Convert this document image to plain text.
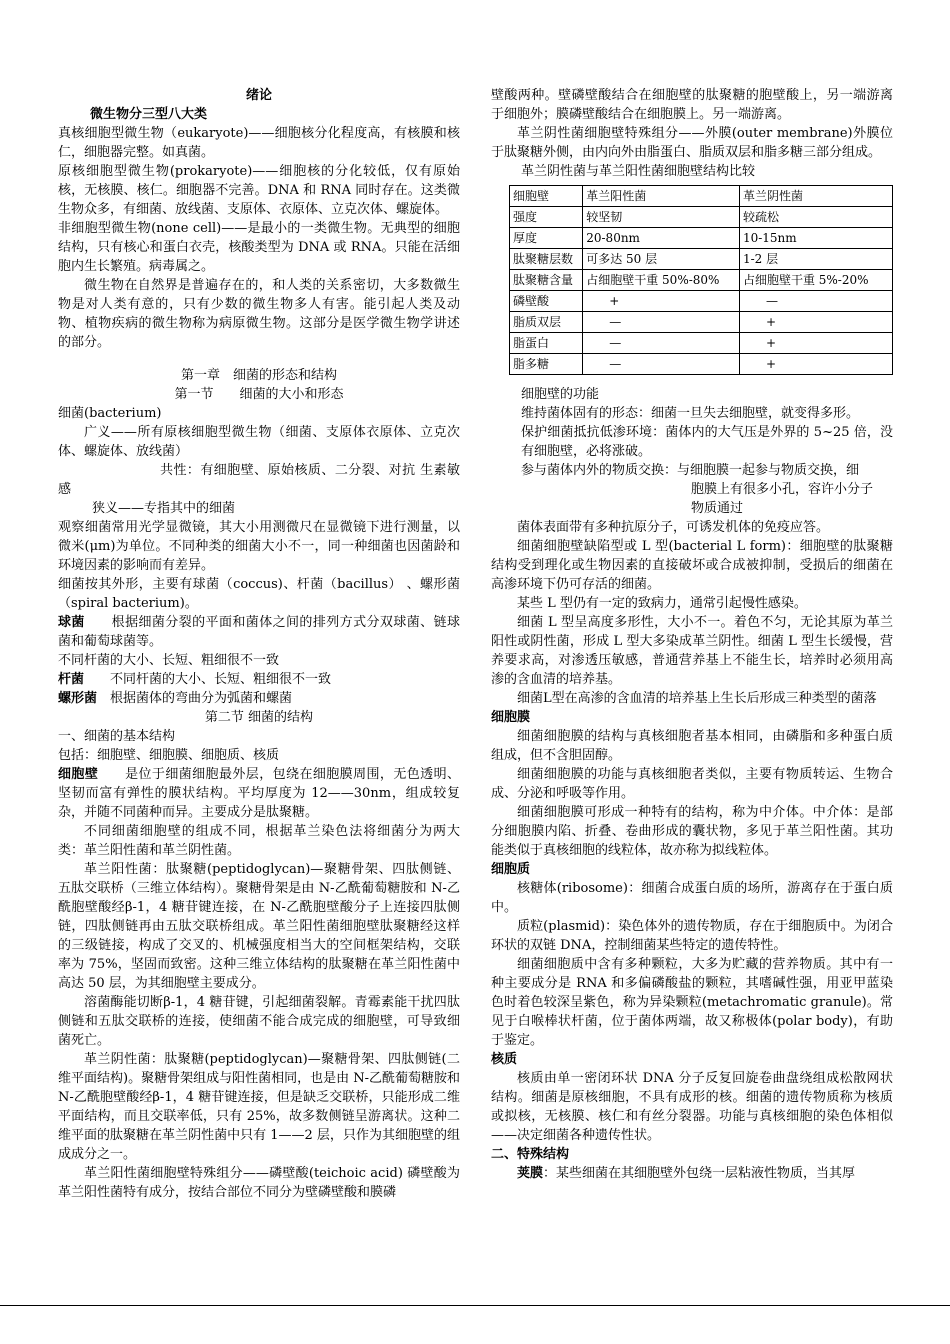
绪论

微生物分三型八大类

真核细胞型微生物（eukaryote)——细胞核分化程度高，有核膜和核仁，细胞器完整。如真菌。

原核细胞型微生物(prokaryote)——细胞核的分化较低，仅有原始核，无核膜、核仁。细胞器不完善。DNA 和 RNA 同时存在。这类微生物众多，有细菌、放线菌、支原体、衣原体、立克次体、螺旋体。

非细胞型微生物(none cell)——是最小的一类微生物。无典型的细胞结构，只有核心和蛋白衣壳，核酸类型为 DNA 或 RNA。只能在活细胞内生长繁殖。病毒属之。

微生物在自然界是普遍存在的，和人类的关系密切，大多数微生物是对人类有意的，只有少数的微生物多人有害。能引起人类及动物、植物疾病的微生物称为病原微生物。这部分是医学微生物学讲述的部分。

第一章　细菌的形态和结构

第一节　　细菌的大小和形态

细菌(bacterium)

广义——所有原核细胞型微生物（细菌、支原体衣原体、立克次体、螺旋体、放线菌）

共性：有细胞壁、原始核质、二分裂、对抗 生素敏感

狭义——专指其中的细菌

观察细菌常用光学显微镜，其大小用测微尺在显微镜下进行测量，以微米(μm)为单位。不同种类的细菌大小不一，同一种细菌也因菌龄和环境因素的影响而有差异。

细菌按其外形，主要有球菌（coccus)、杆菌（bacillus） 、螺形菌（spiral bacterium)。

球菌　　根据细菌分裂的平面和菌体之间的排列方式分双球菌、链球菌和葡萄球菌等。

不同杆菌的大小、长短、粗细很不一致

杆菌　　不同杆菌的大小、长短、粗细很不一致

螺形菌　根据菌体的弯曲分为弧菌和螺菌

第二节 细菌的结构

一、细菌的基本结构

包括：细胞壁、细胞膜、细胞质、核质

细胞壁　　是位于细菌细胞最外层，包绕在细胞膜周围，无色透明、坚韧而富有弹性的膜状结构。平均厚度为 12——30nm，组成较复杂，并随不同菌种而异。主要成分是肽聚糖。

不同细菌细胞壁的组成不同，根据革兰染色法将细菌分为两大类：革兰阳性菌和革兰阴性菌。

革兰阳性菌：肽聚糖(peptidoglycan)—聚糖骨架、四肽侧链、五肽交联桥（三维立体结构）。聚糖骨架是由 N-乙酰葡萄糖胺和 N-乙酰胞壁酸经β-1，4 糖苷键连接，在 N-乙酰胞壁酸分子上连接四肽侧链，四肽侧链再由五肽交联桥组成。革兰阳性菌细胞壁肽聚糖经这样的三级链接，构成了交叉的、机械强度相当大的空间框架结构，交联率为 75%，坚固而致密。这种三维立体结构的肽聚糖在革兰阳性菌中高达 50 层，为其细胞壁主要成分。

溶菌酶能切断β-1，4 糖苷键，引起细菌裂解。青霉素能干扰四肽侧链和五肽交联桥的连接，使细菌不能合成完成的细胞壁，可导致细菌死亡。

革兰阴性菌：肽聚糖(peptidoglycan)—聚糖骨架、四肽侧链(二维平面结构)。聚糖骨架组成与阳性菌相同，也是由 N-乙酰葡萄糖胺和 N-乙酰胞壁酸经β-1，4 糖苷键连接，但是缺乏交联桥，只能形成二维平面结构，而且交联率低，只有 25%，故多数侧链呈游离状。这种二维平面的肽聚糖在革兰阴性菌中只有 1——2 层，只作为其细胞壁的组成成分之一。

革兰阳性菌细胞壁特殊组分——磷壁酸(teichoic acid) 磷壁酸为革兰阳性菌特有成分，按结合部位不同分为壁磷壁酸和膜磷

壁酸两种。壁磷壁酸结合在细胞壁的肽聚糖的胞壁酸上，另一端游离于细胞外；膜磷壁酸结合在细胞膜上。另一端游离。

革兰阴性菌细胞壁特殊组分——外膜(outer membrane)外膜位于肽聚糖外侧，由内向外由脂蛋白、脂质双层和脂多糖三部分组成。

革兰阴性菌与革兰阳性菌细胞壁结构比较

细胞壁	革兰阳性菌	革兰阴性菌
强度	较坚韧	较疏松
厚度	20-80nm	10-15nm
肽聚糖层数	可多达 50 层	1-2 层
肽聚糖含量	占细胞壁干重 50%-80%	占细胞壁干重 5%-20%
磷壁酸	+	—
脂质双层	—	+
脂蛋白	—	+
脂多糖	—	+

细胞壁的功能

维持菌体固有的形态：细菌一旦失去细胞壁，就变得多形。

保护细菌抵抗低渗环境：菌体内的大气压是外界的 5~25 倍，没有细胞壁，必将涨破。

参与菌体内外的物质交换：与细胞膜一起参与物质交换，细

胞膜上有很多小孔，容许小分子

物质通过

菌体表面带有多种抗原分子，可诱发机体的免疫应答。

细菌细胞壁缺陷型或 L 型(bacterial L form)：细胞壁的肽聚糖结构受到理化或生物因素的直接破坏或合成被抑制，受损后的细菌在高渗环境下仍可存活的细菌。

某些 L 型仍有一定的致病力，通常引起慢性感染。

细菌 L 型呈高度多形性，大小不一。着色不匀，无论其原为革兰阳性或阴性菌，形成 L 型大多染成革兰阴性。细菌 L 型生长缓慢，营养要求高，对渗透压敏感，普通营养基上不能生长，培养时必须用高渗的含血清的培养基。

细菌L型在高渗的含血清的培养基上生长后形成三种类型的菌落

细胞膜

细菌细胞膜的结构与真核细胞者基本相同，由磷脂和多种蛋白质组成，但不含胆固醇。

细菌细胞膜的功能与真核细胞者类似，主要有物质转运、生物合成、分泌和呼吸等作用。

细菌细胞膜可形成一种特有的结构，称为中介体。中介体：是部分细胞膜内陷、折叠、卷曲形成的囊状物，多见于革兰阳性菌。其功能类似于真核细胞的线粒体，故亦称为拟线粒体。

细胞质

核糖体(ribosome)：细菌合成蛋白质的场所，游离存在于蛋白质中。

质粒(plasmid)：染色体外的遗传物质，存在于细胞质中。为闭合环状的双链 DNA，控制细菌某些特定的遗传特性。

细菌细胞质中含有多种颗粒，大多为贮藏的营养物质。其中有一种主要成分是 RNA 和多偏磷酸盐的颗粒，其嗜碱性强，用亚甲蓝染色时着色较深呈紫色，称为异染颗粒(metachromatic granule)。常见于白喉棒状杆菌，位于菌体两端，故又称极体(polar body)，有助于鉴定。

核质

核质由单一密闭环状 DNA 分子反复回旋卷曲盘绕组成松散网状结构。细菌是原核细胞，不具有成形的核。细菌的遗传物质称为核质或拟核，无核膜、核仁和有丝分裂器。功能与真核细胞的染色体相似——决定细菌各种遗传性状。

二、特殊结构

荚膜：某些细菌在其细胞壁外包绕一层粘液性物质，当其厚
